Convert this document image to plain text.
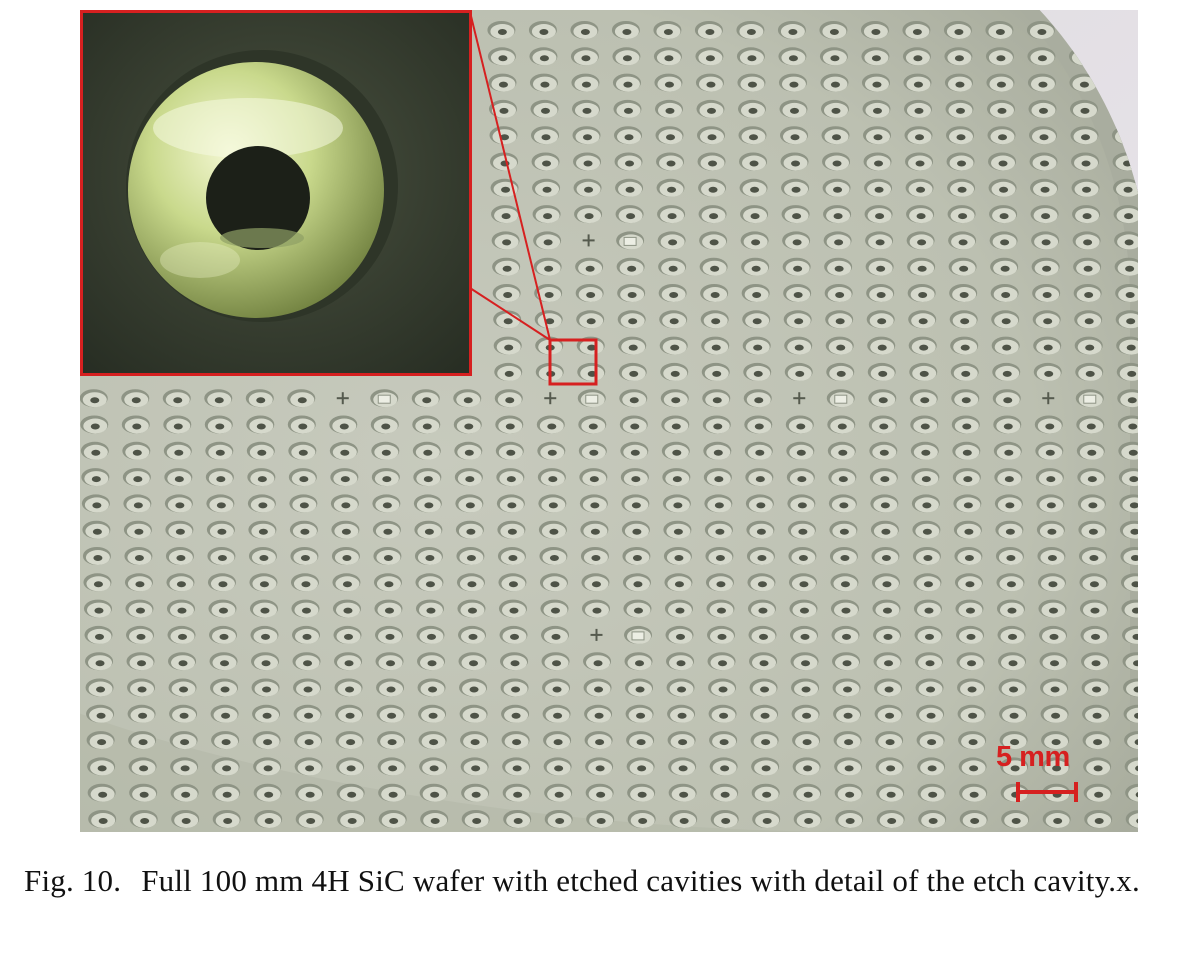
5 mm
Fig. 10. Full 100 mm 4H SiC wafer with etched cavities with detail of the etch cavity.x.
